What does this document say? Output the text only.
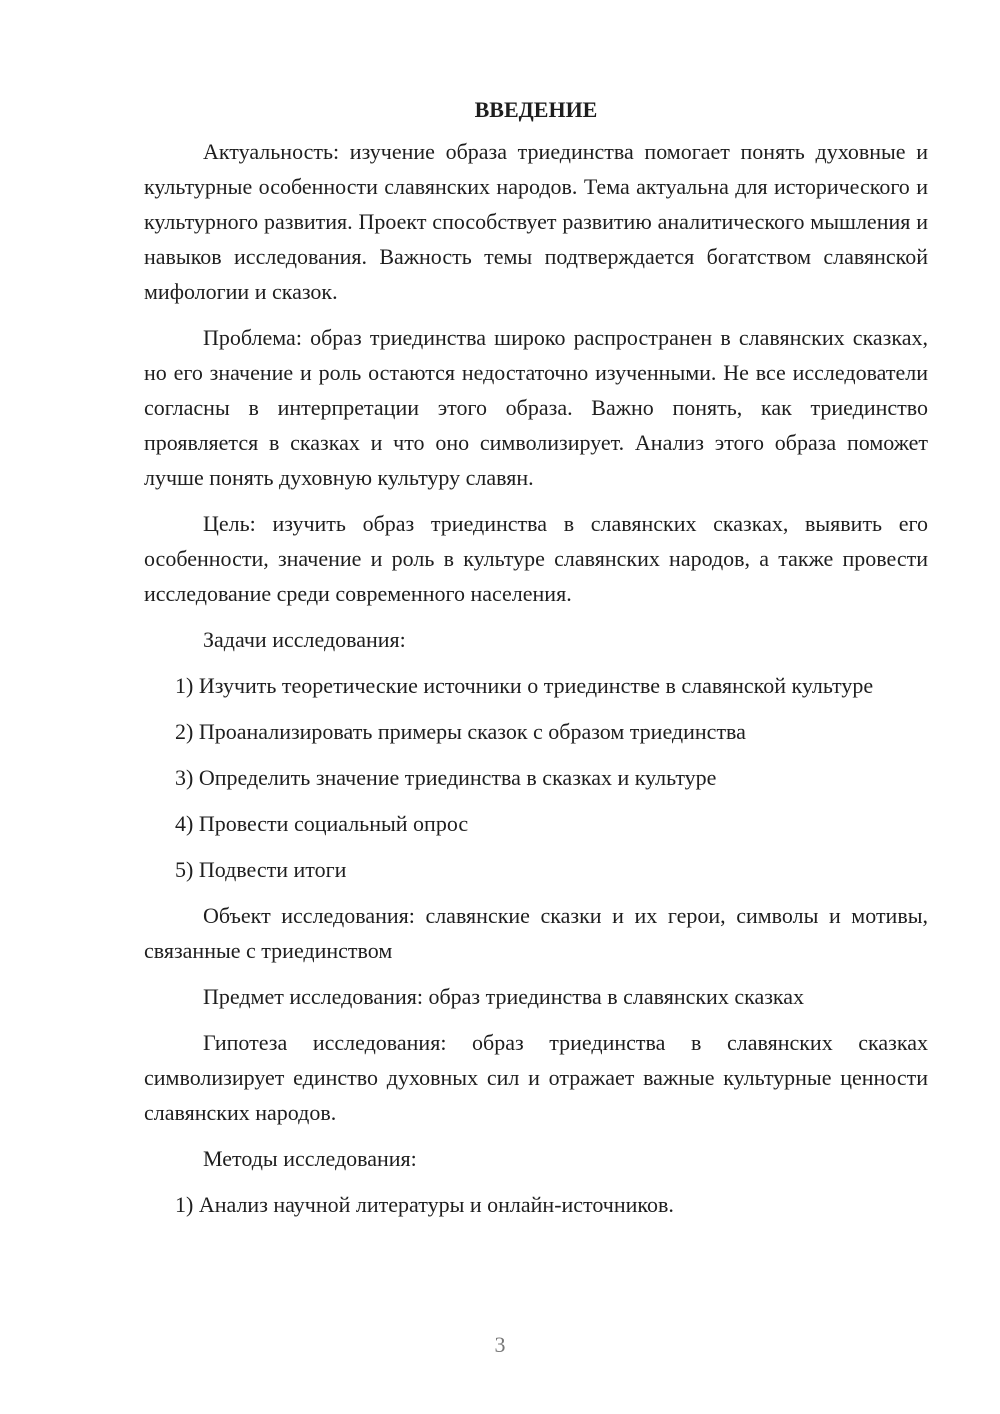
ВВЕДЕНИЕ

Актуальность: изучение образа триединства помогает понять духовные и культурные особенности славянских народов. Тема актуальна для исторического и культурного развития. Проект способствует развитию аналитического мышления и навыков исследования. Важность темы подтверждается богатством славянской мифологии и сказок.

Проблема: образ триединства широко распространен в славянских сказках, но его значение и роль остаются недостаточно изученными. Не все исследователи согласны в интерпретации этого образа. Важно понять, как триединство проявляется в сказках и что оно символизирует. Анализ этого образа поможет лучше понять духовную культуру славян.

Цель: изучить образ триединства в славянских сказках, выявить его особенности, значение и роль в культуре славянских народов, а также провести исследование среди современного населения.

Задачи исследования:

1) Изучить теоретические источники о триединстве в славянской культуре

2) Проанализировать примеры сказок с образом триединства

3) Определить значение триединства в сказках и культуре

4) Провести социальный опрос

5) Подвести итоги

Объект исследования: славянские сказки и их герои, символы и мотивы, связанные с триединством

Предмет исследования: образ триединства в славянских сказках

Гипотеза исследования: образ триединства в славянских сказках символизирует единство духовных сил и отражает важные культурные ценности славянских народов.

Методы исследования:

1) Анализ научной литературы и онлайн-источников.

3
